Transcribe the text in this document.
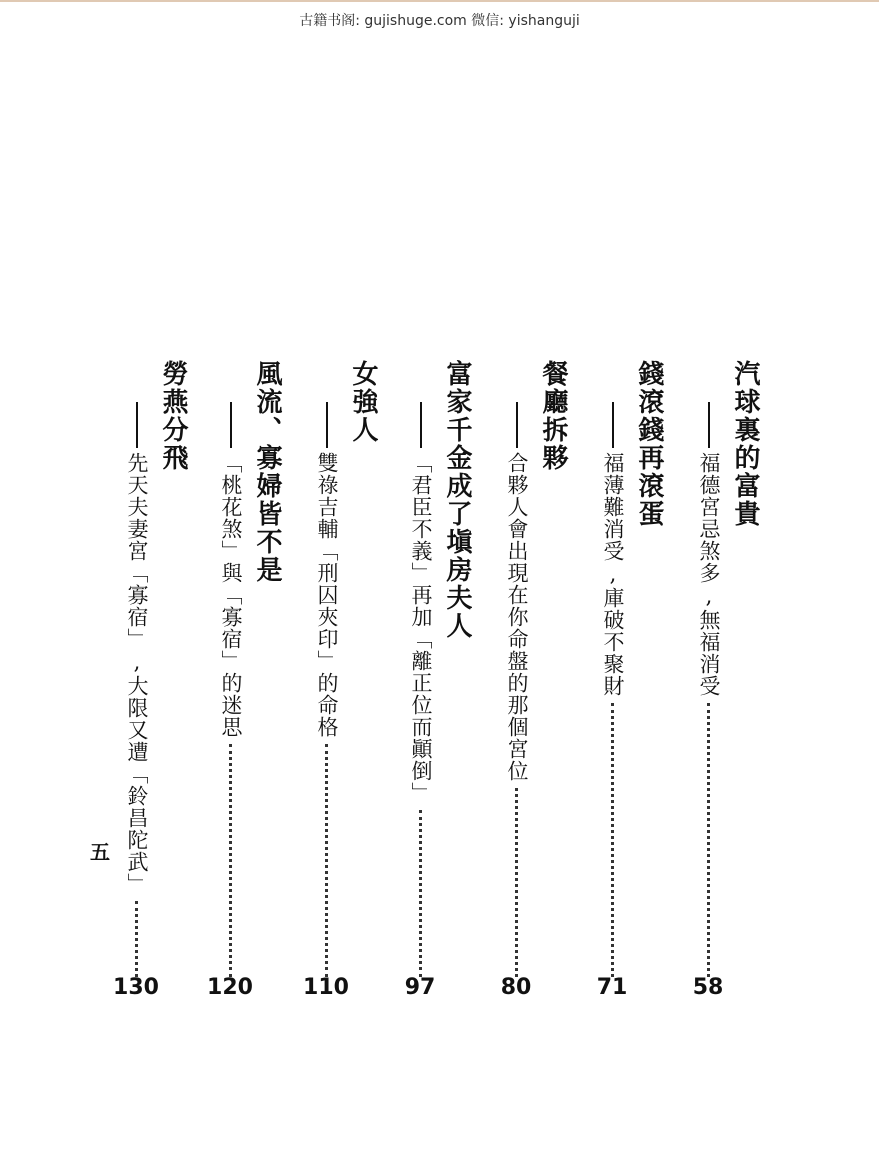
古籍书阁: gujishuge.com 微信: yishanguji
汽球裏的富貴
福德宮忌煞多,無福消受
58
錢滾錢再滾蛋
福薄難消受,庫破不聚財
71
餐廳拆夥
合夥人會出現在你命盤的那個宮位
80
富家千金成了塡房夫人
「君臣不義」再加「離正位而顚倒」
97
女強人
雙祿吉輔「刑囚夾印」的命格
110
風流、寡婦皆不是
「桃花煞」與「寡宿」的迷思
120
勞燕分飛
先天夫妻宮「寡宿」,大限又遭「鈴昌陀武」
130
五
